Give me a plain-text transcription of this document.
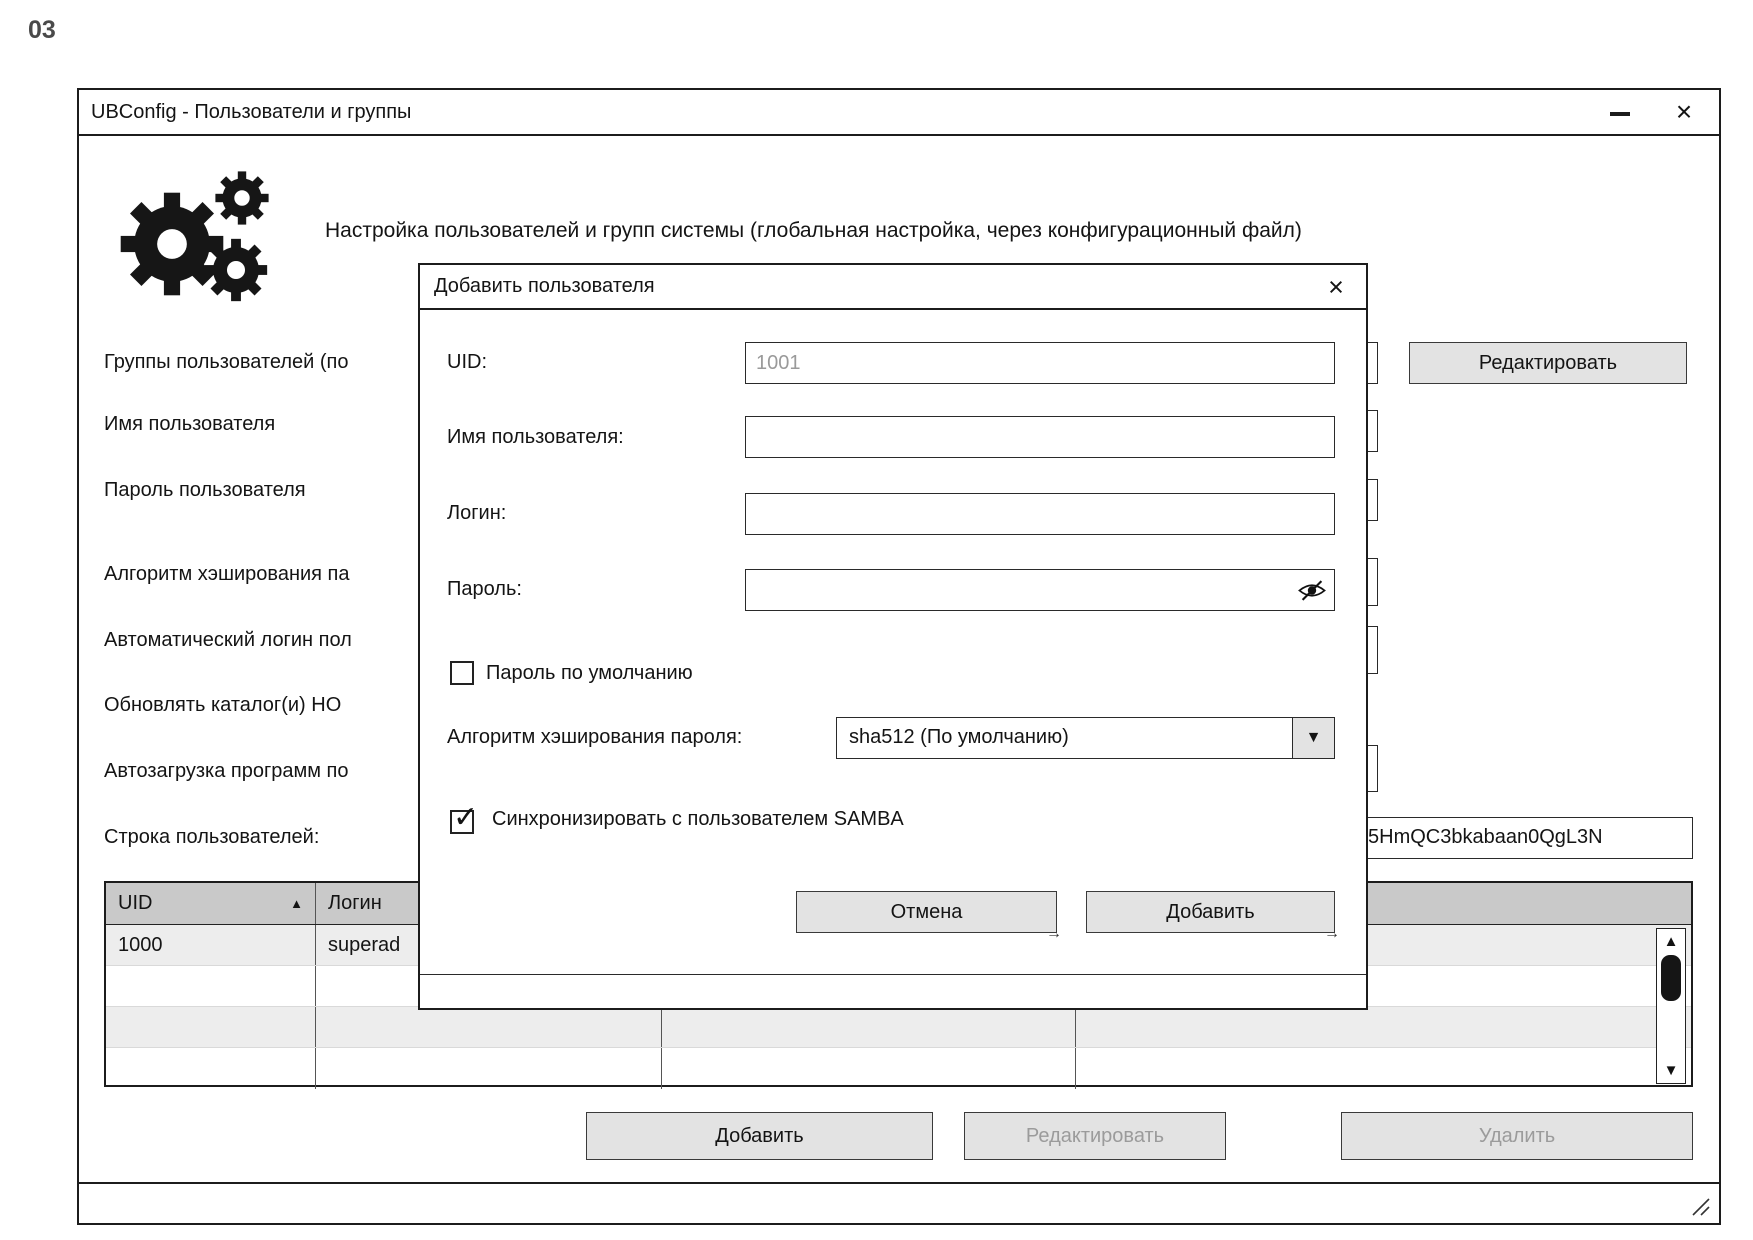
03
UBConfig - Пользователи и группы	×
Настройка пользователей и групп системы (глобальная настройка, через конфигурационный файл)
Группы пользователей (по
Имя пользователя
Пароль пользователя
Алгоритм хэширования па
Автоматический логин пол
Обновлять каталог(и) HO
Автозагрузка программ по
Строка пользователей:
Редактировать
5HmQC3bkabaan0QgL3N
UID	▲ Логин
1000	superad	▲
▼
Добавить	Редактировать	Удалить
Добавить пользователя	×
UID:
1001
Имя пользователя:
Логин:
Пароль:
Пароль по умолчанию
Алгоритм хэширования пароля:	sha512 (По умолчанию)	▼
✓ Синхронизировать с пользователем SAMBA
Отмена
→
Добавить
→
